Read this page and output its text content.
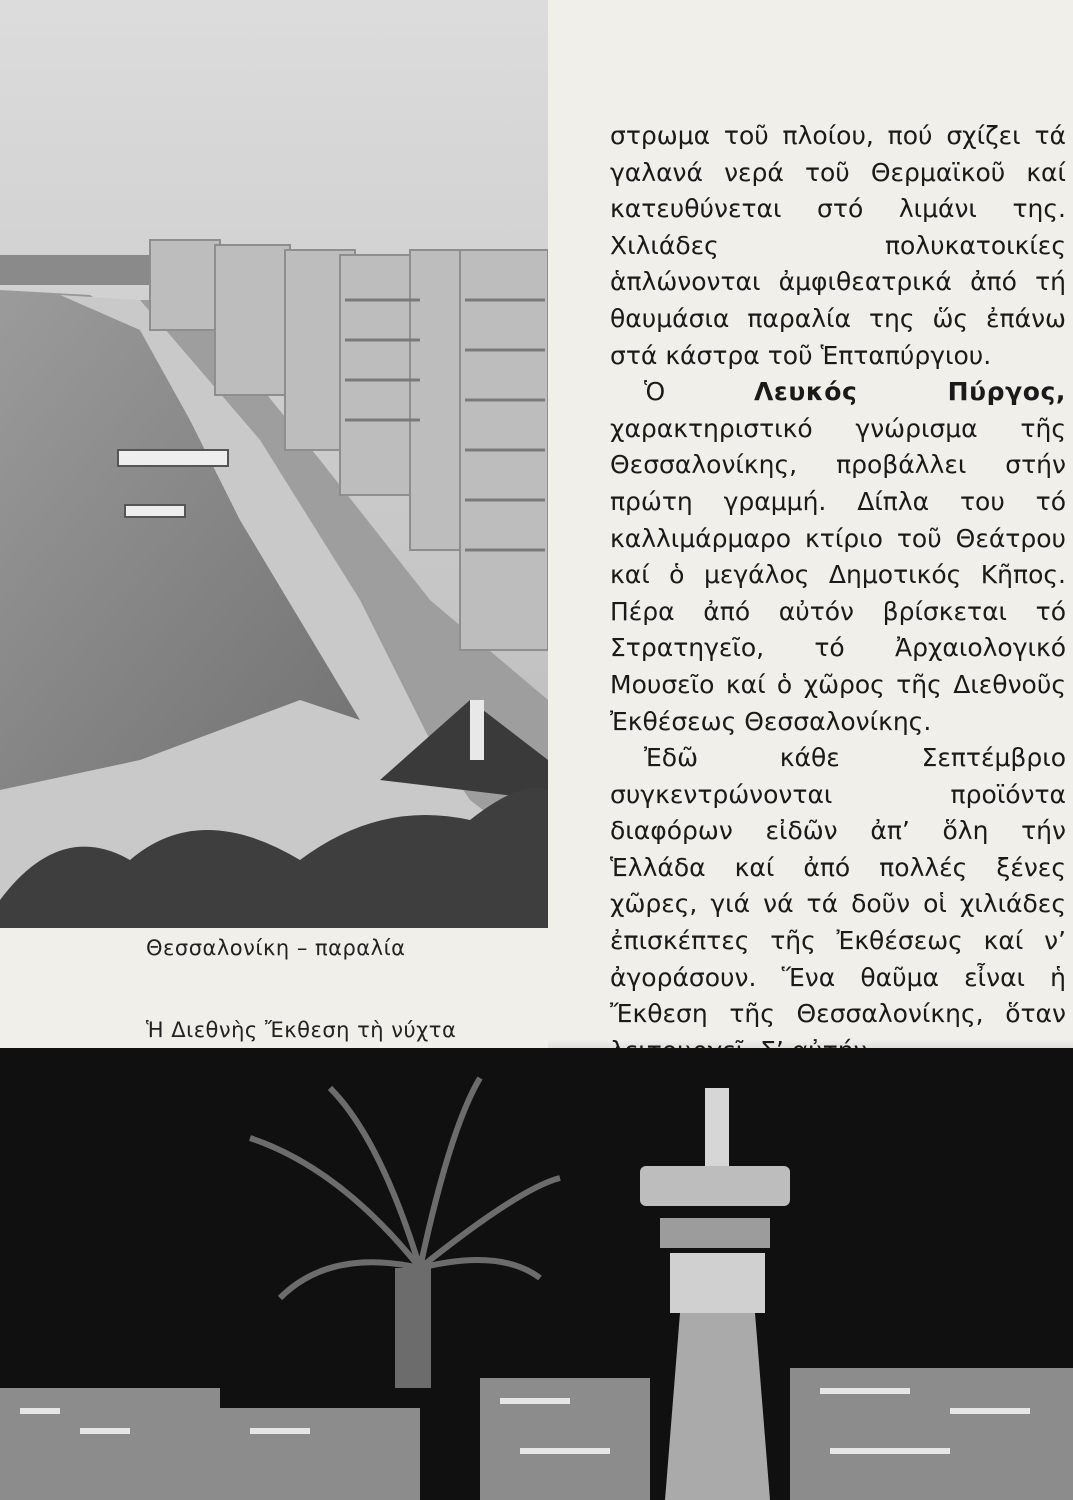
Θεσσαλονίκη – παραλία
Ἡ Διεθνὴς Ἔκθεση τὴ νύχτα

στρωμα τοῦ πλοίου, πού σχίζει τά γαλανά νερά τοῦ Θερμαϊκοῦ καί κατευθύνεται στό λιμάνι της. Χιλιάδες πολυκατοικίες ἁπλώνονται ἀμφιθεατρικά ἀπό τή θαυμάσια παραλία της ὥς ἐπάνω στά κάστρα τοῦ Ἑπταπύργιου.

Ὁ Λευκός Πύργος, χαρακτηριστικό γνώρισμα τῆς Θεσσαλονίκης, προβάλλει στήν πρώτη γραμμή. Δίπλα του τό καλλιμάρμαρο κτίριο τοῦ Θεάτρου καί ὁ μεγάλος Δημοτικός Κῆπος. Πέρα ἀπό αὐτόν βρίσκεται τό Στρατηγεῖο, τό Ἀρχαιολογικό Μουσεῖο καί ὁ χῶρος τῆς Διεθνοῦς Ἐκθέσεως Θεσσαλονίκης.

Ἐδῶ κάθε Σεπτέμβριο συγκεντρώνονται προϊόντα διαφόρων εἰδῶν ἀπ’ ὅλη τήν Ἑλλάδα καί ἀπό πολλές ξένες χῶρες, γιά νά τά δοῦν οἱ χιλιάδες ἐπισκέπτες τῆς Ἐκθέσεως καί ν’ ἀγοράσουν. Ἕνα θαῦμα εἶναι ἡ Ἔκθεση τῆς Θεσσαλονίκης, ὅταν
